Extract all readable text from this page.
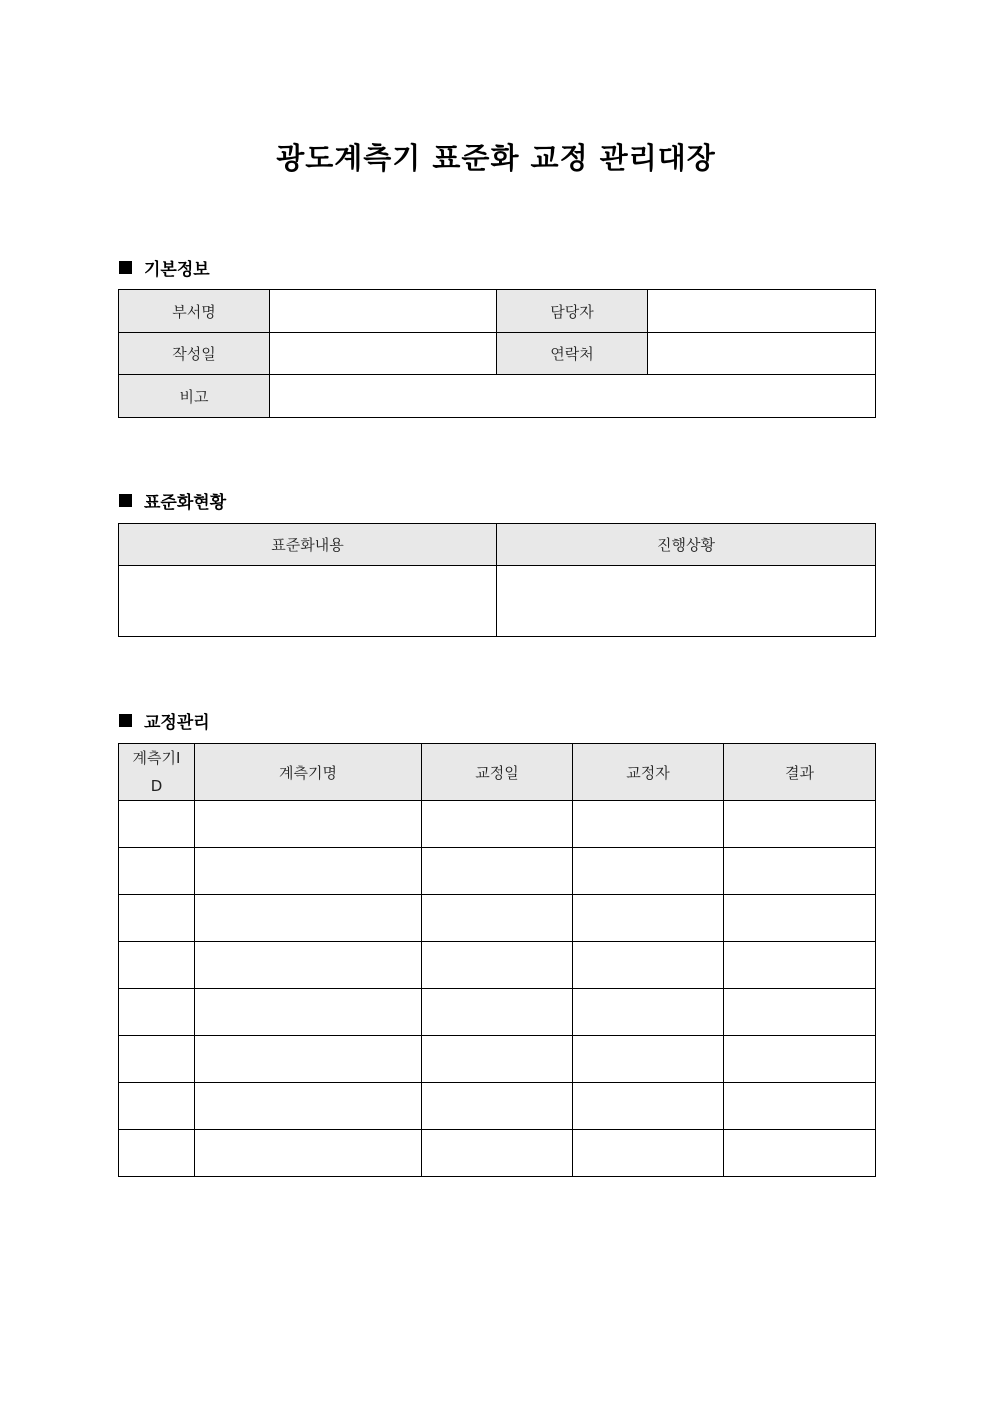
광도계측기 표준화 교정 관리대장
기본정보
부서명		담당자	
작성일		연락처	
비고			
표준화현황
표준화내용	진행상황

교정관리
계측기ID	계측기명	교정일	교정자	결과
